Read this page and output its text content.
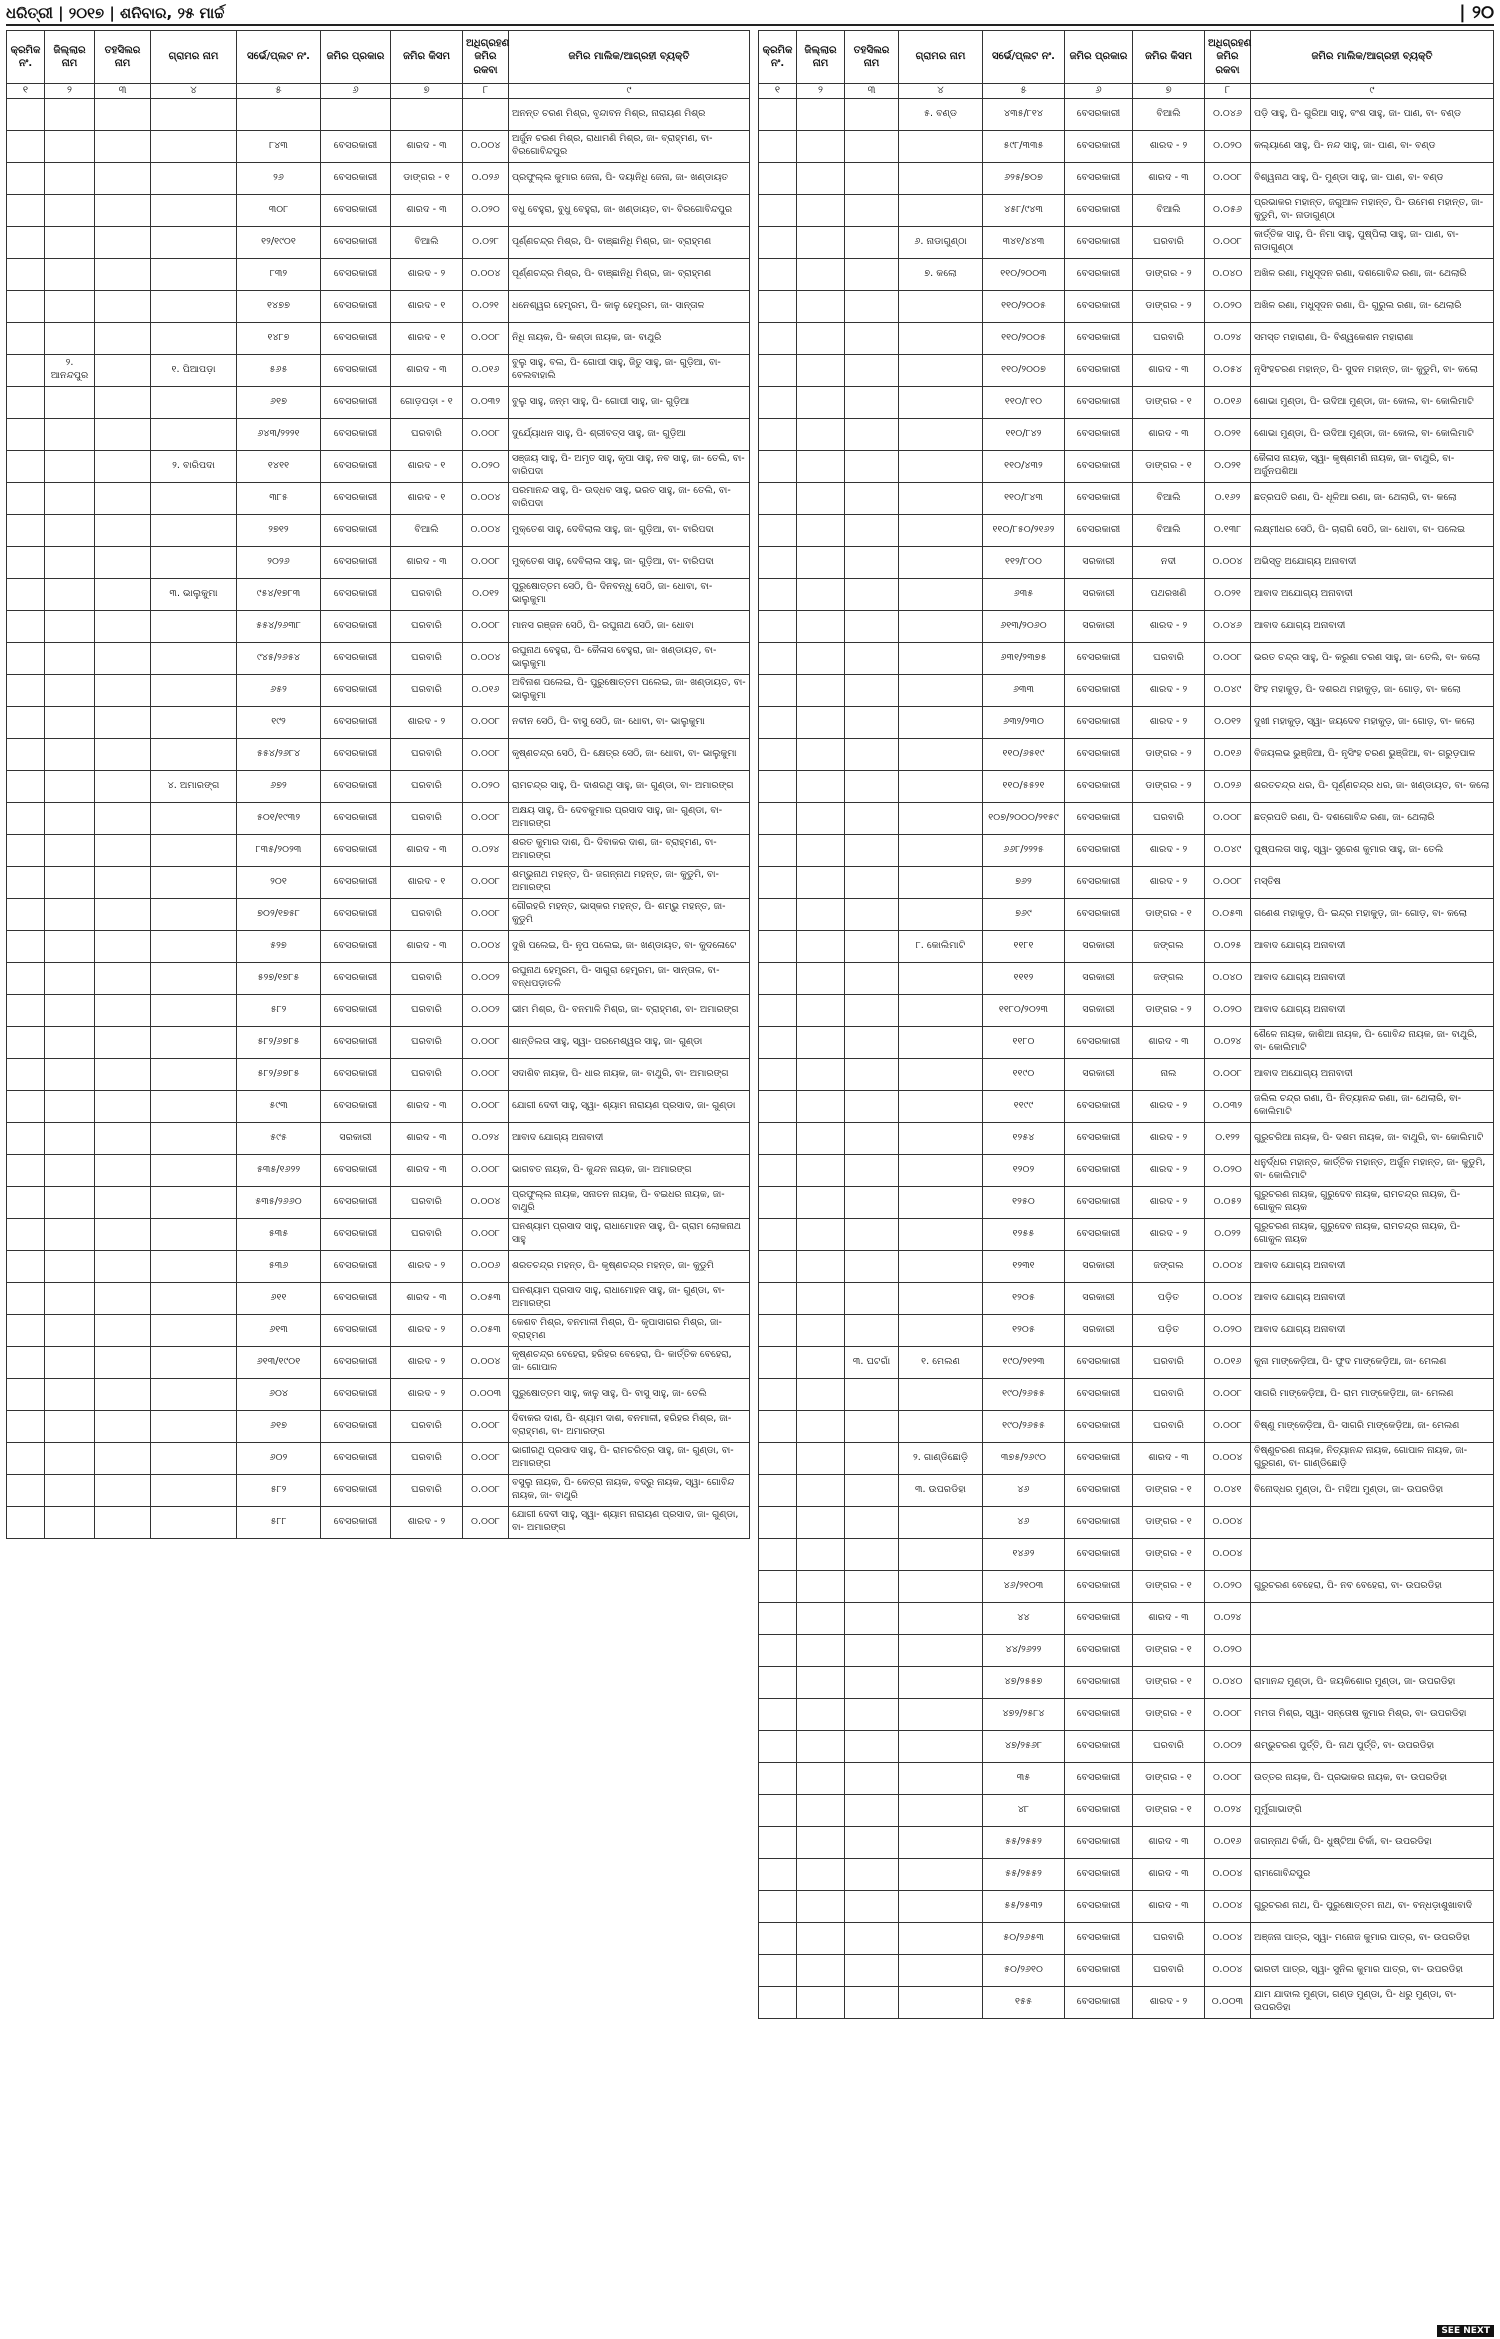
ଧରିତ୍ରୀ | ୨୦୧୭ | ଶନିବାର, ୨୫ ମାର୍ଚ୍ଚ	| ୨୦
କ୍ରମିକ ନଂ.	ଜିଲ୍ଲାର ନାମ	ତହସିଲର ନାମ	ଗ୍ରାମର ନାମ	ସର୍ଭେ/ପ୍ଲଟ ନଂ.	ଜମିର ପ୍ରକାର	ଜମିର କିସମ	ଅଧିଗ୍ରହଣ ଜମିର ରକବା	ଜମିର ମାଲିକ/ଆଗ୍ରହୀ ବ୍ୟକ୍ତି
୧	୨	୩	୪	୫	୬	୭	୮	୯
								ଅନନ୍ତ ଚରଣ ମିଶ୍ର, ବୃନ୍ଦାବନ ମିଶ୍ର, ନାରାୟଣ ମିଶ୍ର
				୮୪୩	ବେସରକାରୀ	ଶାରଦ - ୩	୦.୦୦୪	ଅର୍ଜୁନ ଚରଣ ମିଶ୍ର, ରାଧାମଣି ମିଶ୍ର, ଜା- ବ୍ରାହ୍ମଣ, ବା- ବିରଗୋବିନ୍ଦପୁର
				୨୬	ବେସରକାରୀ	ଡାଙ୍ଗର - ୧	୦.୦୨୬	ପ୍ରଫୁଲ୍ଲ କୁମାର ଜେନା, ପି- ଦୟାନିଧି ଜେନା, ଜା- ଖଣ୍ଡାୟତ
				୩୦୮	ବେସରକାରୀ	ଶାରଦ - ୩	୦.୦୨୦	ବଧୁ ବେହୁରା, ବୁଧୁ ବେହୁରା, ଜା- ଖଣ୍ଡାୟତ, ବା- ବିରଗୋବିନ୍ଦପୁର
				୧୨/୧୯୦୧	ବେସରକାରୀ	ବିଆଲି	୦.୦୨୮	ପୂର୍ଣ୍ଣଚନ୍ଦ୍ର ମିଶ୍ର, ପି- ବାଞ୍ଛାନିଧି ମିଶ୍ର, ଜା- ବ୍ରାହ୍ମଣ
				୮୩୨	ବେସରକାରୀ	ଶାରଦ - ୨	୦.୦୦୪	ପୂର୍ଣ୍ଣଚନ୍ଦ୍ର ମିଶ୍ର, ପି- ବାଞ୍ଛାନିଧି ମିଶ୍ର, ଜା- ବ୍ରାହ୍ମଣ
				୧୪୭୭	ବେସରକାରୀ	ଶାରଦ - ୧	୦.୦୨୧	ଧନେଶ୍ୱର ହେମ୍ବ୍ରମ, ପି- କାଳୁ ହେମ୍ବ୍ରମ, ଜା- ସାନ୍ତାଳ
				୧୪୮୭	ବେସରକାରୀ	ଶାରଦ - ୧	୦.୦୦୮	ନିଧି ନାୟକ, ପି- କଣ୍ଡା ନାୟକ, ଜା- ବାଥୁରି
	୨. ଆନନ୍ଦପୁର		୧. ପିଆପଡ଼ା	୫୬୫	ବେସରକାରୀ	ଶାରଦ - ୩	୦.୦୧୬	ବୁଲୁ ସାହୁ, ବଲ, ପି- ଗୋପୀ ସାହୁ, ଜିତୁ ସାହୁ, ଜା- ଗୁଡ଼ିଆ, ବା- ବେଲବାହାଲି
				୬୧୭	ବେସରକାରୀ	ଗୋଡ଼ପଡ଼ା - ୧	୦.୦୩୨	ବୁଲୁ ସାହୁ, ଜନ୍ମ ସାହୁ, ପି- ଗୋପୀ ସାହୁ, ଜା- ଗୁଡ଼ିଆ
				୬୪୩/୨୨୨୧	ବେସରକାରୀ	ଘରବାରି	୦.୦୦୮	ଦୁର୍ଯ୍ୟୋଧନ ସାହୁ, ପି- ଶ୍ରୀବତ୍ସ ସାହୁ, ଜା- ଗୁଡ଼ିଆ
			୨. ବାରିପଦା	୧୪୧୧	ବେସରକାରୀ	ଶାରଦ - ୧	୦.୦୨୦	ସଞ୍ଜୟ ସାହୁ, ପି- ଅମୃତ ସାହୁ, କୃପା ସାହୁ, ନବ ସାହୁ, ଜା- ତେଲି, ବା- ବାରିପଦା
				୩୮୫	ବେସରକାରୀ	ଶାରଦ - ୧	୦.୦୦୪	ପରମାନନ୍ଦ ସାହୁ, ପି- ଉଦ୍ଧବ ସାହୁ, ଭରତ ସାହୁ, ଜା- ତେଲି, ବା- ବାରିପଦା
				୨୭୧୨	ବେସରକାରୀ	ବିଆଲି	୦.୦୦୪	ମୁକ୍ତେଶ ସାହୁ, ଦେବିଲାଲ ସାହୁ, ଜା- ଗୁଡ଼ିଆ, ବା- ବାରିପଦା
				୨୦୨୬	ବେସରକାରୀ	ଶାରଦ - ୩	୦.୦୦୮	ମୁକ୍ତେଶ ସାହୁ, ଦେବିଲାଲ ସାହୁ, ଜା- ଗୁଡ଼ିଆ, ବା- ବାରିପଦା
			୩. ଭାଲୁକୁମା	୯୫୪/୧୭୮୩	ବେସରକାରୀ	ଘରବାରି	୦.୦୧୨	ପୁରୁଷୋତ୍ତମ ସେଠି, ପି- ଦିନବନ୍ଧୁ ସେଠି, ଜା- ଧୋବା, ବା- ଭାଲୁକୁମା
				୫୫୪/୨୬୩୮	ବେସରକାରୀ	ଘରବାରି	୦.୦୦୮	ମାନସ ରଞ୍ଜନ ସେଠି, ପି- ରଘୁନାଥ ସେଠି, ଜା- ଧୋବା
				୯୪୫/୨୬୫୪	ବେସରକାରୀ	ଘରବାରି	୦.୦୦୪	ରଘୁନାଥ ବେହୁରା, ପି- କୈଳାସ ବେହୁରା, ଜା- ଖଣ୍ଡାୟତ, ବା- ଭାଲୁକୁମା
				୬୫୨	ବେସରକାରୀ	ଘରବାରି	୦.୦୧୬	ଅବିନାଶ ପଲେଇ, ପି- ପୁରୁଷୋତ୍ତମ ପଲେଇ, ଜା- ଖଣ୍ଡାୟତ, ବା- ଭାଲୁକୁମା
				୧୯୨	ବେସରକାରୀ	ଶାରଦ - ୨	୦.୦୦୮	ନବୀନ ସେଠି, ପି- ବାସୁ ସେଠି, ଜା- ଧୋବା, ବା- ଭାଲୁକୁମା
				୫୫୪/୨୬୮୪	ବେସରକାରୀ	ଘରବାରି	୦.୦୦୮	କୃଷ୍ଣଚନ୍ଦ୍ର ସେଠି, ପି- କ୍ଷେତ୍ର ସେଠି, ଜା- ଧୋବା, ବା- ଭାଲୁକୁମା
			୪. ଅମାରଙ୍ଗ	୬୭୨	ବେସରକାରୀ	ଘରବାରି	୦.୦୨୦	ରାମଚନ୍ଦ୍ର ସାହୁ, ପି- ଦାଶରଥି ସାହୁ, ଜା- ଗୁଣ୍ଡା, ବା- ଅମାରଙ୍ଗ
				୫୦୧/୧୯୩୨	ବେସରକାରୀ	ଘରବାରି	୦.୦୦୮	ଅକ୍ଷୟ ସାହୁ, ପି- ଦେବକୁମାର ପ୍ରସାଦ ସାହୁ, ଜା- ଗୁଣ୍ଡା, ବା- ଅମାରଙ୍ଗ
				୮୩୫/୨୦୨୩	ବେସରକାରୀ	ଶାରଦ - ୩	୦.୦୨୪	ଶରତ କୁମାର ଦାଶ, ପି- ଦିବାକର ଦାଶ, ଜା- ବ୍ରାହ୍ମଣ, ବା- ଅମାରଙ୍ଗ
				୨୦୧	ବେସରକାରୀ	ଶାରଦ - ୧	୦.୦୦୮	ଶମ୍ଭୁନାଥ ମହନ୍ତ, ପି- ଜଗନ୍ନାଥ ମହନ୍ତ, ଜା- କୁଡୁମି, ବା- ଅମାରଙ୍ଗ
				୭୦୨/୧୭୫୮	ବେସରକାରୀ	ଘରବାରି	୦.୦୦୮	ଗୌରହରି ମହନ୍ତ, ଭାସ୍କର ମହନ୍ତ, ପି- ଶମ୍ଭୁ ମହନ୍ତ, ଜା- କୁଡୁମି
				୫୨୭	ବେସରକାରୀ	ଶାରଦ - ୩	୦.୦୦୪	ଦୁଖି ପଲେଇ, ପି- ନୃପ ପଲେଇ, ଜା- ଖଣ୍ଡାୟତ, ବା- କୁଦଳୋଟେ
				୫୨୭/୧୭୮୫	ବେସରକାରୀ	ଘରବାରି	୦.୦୦୨	ରଘୁନାଥ ହେମ୍ବ୍ରମ, ପି- ସାଗୁରା ହେମ୍ବ୍ରମ, ଜା- ସାନ୍ତାଳ, ବା- ବନ୍ଧପଡ଼ାତଳି
				୫୮୨	ବେସରକାରୀ	ଘରବାରି	୦.୦୦୨	ଭୀମ ମିଶ୍ର, ପି- ବନମାଳି ମିଶ୍ର, ଜା- ବ୍ରାହ୍ମଣ, ବା- ଅମାରଙ୍ଗ
				୫୮୨/୬୭୮୫	ବେସରକାରୀ	ଘରବାରି	୦.୦୦୮	ଶାନ୍ତିଲତା ସାହୁ, ସ୍ୱା- ପରମେଶ୍ୱର ସାହୁ, ଜା- ଗୁଣ୍ଡା
				୫୮୨/୬୭୮୫	ବେସରକାରୀ	ଘରବାରି	୦.୦୦୮	ସଦାଶିବ ନାୟକ, ପି- ଧାର ନାୟକ, ଜା- ବାଥୁରି, ବା- ଅମାରଙ୍ଗ
				୫୯୩	ବେସରକାରୀ	ଶାରଦ - ୩	୦.୦୦୮	ଯୋଗୀ ଦେବୀ ସାହୁ, ସ୍ୱା- ଶ୍ୟାମ ନାରାୟଣ ପ୍ରସାଦ, ଜା- ଗୁଣ୍ଡା
				୫୯୫	ସରକାରୀ	ଶାରଦ - ୩	୦.୦୨୪	ଆବାଦ ଯୋଗ୍ୟ ଅନାବାଦୀ
				୫୩୫/୧୬୨୨	ବେସରକାରୀ	ଶାରଦ - ୩	୦.୦୦୮	ଭାଗବତ ନାୟକ, ପି- କୁନ୍ଦନ ନାୟକ, ଜା- ଅମାରଙ୍ଗ
				୫୩୫/୨୬୬୦	ବେସରକାରୀ	ଘରବାରି	୦.୦୦୪	ପ୍ରଫୁଲ୍ଲ ନାୟକ, ସନାତନ ନାୟକ, ପି- ବଇଧର ନାୟକ, ଜା- ବାଥୁରି
				୫୩୫	ବେସରକାରୀ	ଘରବାରି	୦.୦୦୮	ଘନଶ୍ୟାମ ପ୍ରସାଦ ସାହୁ, ରାଧାମୋହନ ସାହୁ, ପି- ଗ୍ରାମ ଲୋକନାଥ ସାହୁ
				୫୩୬	ବେସରକାରୀ	ଶାରଦ - ୨	୦.୦୦୬	ଶରତଚନ୍ଦ୍ର ମହନ୍ତ, ପି- କୃଷ୍ଣଚନ୍ଦ୍ର ମହନ୍ତ, ଜା- କୁଡୁମି
				୬୧୧	ବେସରକାରୀ	ଶାରଦ - ୩	୦.୦୫୩	ଘନଶ୍ୟାମ ପ୍ରସାଦ ସାହୁ, ରାଧାମୋହନ ସାହୁ, ଜା- ଗୁଣ୍ଡା, ବା- ଅମାରଙ୍ଗ
				୬୧୩	ବେସରକାରୀ	ଶାରଦ - ୨	୦.୦୫୩	କେଶବ ମିଶ୍ର, ବନମାଳୀ ମିଶ୍ର, ପି- କୃପାସାଗର ମିଶ୍ର, ଜା- ବ୍ରାହ୍ମଣ
				୬୧୩/୧୯୦୧	ବେସରକାରୀ	ଶାରଦ - ୨	୦.୦୦୪	କୃଷ୍ଣଚନ୍ଦ୍ର ବେହେରା, ହରିହର ବେହେରା, ପି- କାର୍ତ୍ତିକ ବେହେରା, ଜା- ଗୋପାଳ
				୬୦୪	ବେସରକାରୀ	ଶାରଦ - ୨	୦.୦୦୩	ପୁରୁଷୋତ୍ତମ ସାହୁ, କାଳୁ ସାହୁ, ପି- ବାସୁ ସାହୁ, ଜା- ତେଲି
				୬୧୭	ବେସରକାରୀ	ଘରବାରି	୦.୦୦୮	ଦିବାକର ଦାଶ, ପି- ଶ୍ୟାମ ଦାଶ, ବନମାଳୀ, ହରିହର ମିଶ୍ର, ଜା- ବ୍ରାହ୍ମଣ, ବା- ଅମାରଙ୍ଗ
				୬୦୨	ବେସରକାରୀ	ଘରବାରି	୦.୦୦୮	ଭାଗୀରଥି ପ୍ରସାଦ ସାହୁ, ପି- ରାମଚରିତ୍ର ସାହୁ, ଜା- ଗୁଣ୍ଡା, ବା- ଅମାରଙ୍ଗ
				୫୮୨	ବେସରକାରୀ	ଘରବାରି	୦.୦୦୮	ବସୁଲୁ ନାୟକ, ପି- କେତ୍ରା ନାୟକ, ବଦ୍ରୁ ନାୟକ, ସ୍ୱା- ଗୋବିନ୍ଦ ନାୟକ, ଜା- ବାଥୁରି
				୫୮୮	ବେସରକାରୀ	ଶାରଦ - ୨	୦.୦୦୮	ଯୋଗୀ ଦେବୀ ସାହୁ, ସ୍ୱା- ଶ୍ୟାମ ନାରାୟଣ ପ୍ରସାଦ, ଜା- ଗୁଣ୍ଡା, ବା- ଅମାରଙ୍ଗ
କ୍ରମିକ ନଂ.	ଜିଲ୍ଲାର ନାମ	ତହସିଲର ନାମ	ଗ୍ରାମର ନାମ	ସର୍ଭେ/ପ୍ଲଟ ନଂ.	ଜମିର ପ୍ରକାର	ଜମିର କିସମ	ଅଧିଗ୍ରହଣ ଜମିର ରକବା	ଜମିର ମାଲିକ/ଆଗ୍ରହୀ ବ୍ୟକ୍ତି
୧	୨	୩	୪	୫	୬	୭	୮	୯
			୫. ବଣ୍ଡ	୪୩୫/୮୧୪	ବେସରକାରୀ	ବିଆଲି	୦.୦୪୬	ପଡ଼ି ସାହୁ, ପି- ଗୁରିଆ ସାହୁ, ବଂଶ ସାହୁ, ଜା- ପାଣ, ବା- ବଣ୍ଡ
				୫୯୮/୩୩୫	ବେସରକାରୀ	ଶାରଦ - ୨	୦.୦୨୦	କଲ୍ୟାଣେ ସାହୁ, ପି- ନନ୍ଦ ସାହୁ, ଜା- ପାଣ, ବା- ବଣ୍ଡ
				୬୨୫/୭୦୭	ବେସରକାରୀ	ଶାରଦ - ୩	୦.୦୦୮	ବିଶ୍ୱନାଥ ସାହୁ, ପି- ମୁଣ୍ଡା ସାହୁ, ଜା- ପାଣ, ବା- ବଣ୍ଡ
				୪୫୮/୯୪୩	ବେସରକାରୀ	ବିଆଲି	୦.୦୫୬	ପ୍ରଭାକର ମହାନ୍ତ, ଜଗୁଆଳ ମହାନ୍ତ, ପି- ଉମେଶ ମହାନ୍ତ, ଜା- କୁଡୁମି, ବା- ନାଡାଗୁଣ୍ଠା
			୬. ନାଡାଗୁଣ୍ଠା	୩୪୧/୪୪୩	ବେସରକାରୀ	ଘରବାରି	୦.୦୦୮	କାର୍ତ୍ତିକ ସାହୁ, ପି- ନିମା ସାହୁ, ପୁଷ୍ପିଲା ସାହୁ, ଜା- ପାଣ, ବା- ନାଡାଗୁଣ୍ଠା
			୭. କଲୋ	୧୧୦/୨୦୦୩	ବେସରକାରୀ	ଡାଙ୍ଗର - ୨	୦.୦୪୦	ଅଖିଳ ରଣା, ମଧୁସୂଦନ ରଣା, ଦଶଗୋବିନ୍ଦ ରଣା, ଜା- ଥେଲାରି
				୧୧୦/୨୦୦୫	ବେସରକାରୀ	ଡାଙ୍ଗର - ୨	୦.୦୨୦	ଅଖିଳ ରଣା, ମଧୁସୂଦନ ରଣା, ପି- ଗୁରୁଲ ରଣା, ଜା- ଥେଲାରି
				୧୧୦/୨୦୦୫	ବେସରକାରୀ	ଘରବାରି	୦.୦୨୪	ସମସ୍ତ ମହାରାଣା, ପି- ବିଶ୍ୱକେଶନ ମହାରାଣା
				୧୧୦/୨୦୦୭	ବେସରକାରୀ	ଶାରଦ - ୩	୦.୦୫୪	ନୃସିଂହଚରଣ ମହାନ୍ତ, ପି- ସୁଦନ ମହାନ୍ତ, ଜା- କୁଡୁମି, ବା- କଲୋ
				୧୧୦/୮୧୦	ବେସରକାରୀ	ଡାଙ୍ଗର - ୧	୦.୦୧୬	ଶୋଭା ମୁଣ୍ଡା, ପି- ଉଦିଆ ମୁଣ୍ଡା, ଜା- କୋଲ, ବା- କୋଲିମାଟି
				୧୧୦/୮୪୨	ବେସରକାରୀ	ଶାରଦ - ୩	୦.୦୨୧	ଶୋଭା ମୁଣ୍ଡା, ପି- ଉଦିଆ ମୁଣ୍ଡା, ଜା- କୋଲ, ବା- କୋଲିମାଟି
				୧୧୦/୪୩୨	ବେସରକାରୀ	ଡାଙ୍ଗର - ୧	୦.୦୨୧	କୈଳାସ ନାୟକ, ସ୍ୱା- କୃଷ୍ଣମଣି ନାୟକ, ଜା- ବାଥୁରି, ବା- ଅର୍ଜୁନପଶିଆ
				୧୧୦/୮୪୩	ବେସରକାରୀ	ବିଆଲି	୦.୧୬୨	ଛତ୍ରପତି ରଣା, ପି- ଧୂଳିଆ ରଣା, ଜା- ଥେଲାରି, ବା- କଲୋ
				୧୧୦/୮୫୦/୨୧୬୨	ବେସରକାରୀ	ବିଆଲି	୦.୧୩୮	ଲକ୍ଷ୍ମୀଧର ସେଠି, ପି- ଚାରାଗି ସେଠି, ଜା- ଧୋବା, ବା- ପଲେଇ
				୧୧୨/୮୦୦	ସରକାରୀ	ନଦୀ	୦.୦୦୪	ଅଭିସ୍ତୃ ଅଯୋଗ୍ୟ ଅନାବାଦୀ
				୬୩୫	ସରକାରୀ	ପଥରଖଣି	୦.୦୨୧	ଆବାଦ ଅଯୋଗ୍ୟ ଅନାବାଦୀ
				୬୧୩/୨୦୬୦	ସରକାରୀ	ଶାରଦ - ୨	୦.୦୪୬	ଆବାଦ ଯୋଗ୍ୟ ଅନାବାଦୀ
				୬୩୧/୨୩୭୫	ବେସରକାରୀ	ଘରବାରି	୦.୦୦୮	ଭରତ ଚନ୍ଦ୍ର ସାହୁ, ପି- କରୁଣା ଚରଣ ସାହୁ, ଜା- ତେଲି, ବା- କଲୋ
				୬୩୩	ବେସରକାରୀ	ଶାରଦ - ୨	୦.୦୪୯	ସିଂହ ମହାକୁଡ଼, ପି- ଦଶରଥ ମହାକୁଡ଼, ଜା- ଗୋଡ଼, ବା- କଲୋ
				୬୩୨/୨୩୦	ବେସରକାରୀ	ଶାରଦ - ୨	୦.୦୧୨	ଦୁଖୀ ମହାକୁଡ଼, ସ୍ୱା- ଜୟଦେବ ମହାକୁଡ଼, ଜା- ଗୋଡ଼, ବା- କଲୋ
				୧୧୦/୬୫୧୯	ବେସରକାରୀ	ଡାଙ୍ଗର - ୨	୦.୦୧୬	ବିଜୟଲଭ ଭୁଞ୍ଜିଆ, ପି- ନୃସିଂହ ଚରଣ ଭୁଞ୍ଜିଆ, ବା- ଗରୁଡ଼ପାଳ
				୧୧୦/୫୫୨୧	ବେସରକାରୀ	ଡାଙ୍ଗର - ୨	୦.୦୨୬	ଶରତଚନ୍ଦ୍ର ଧର, ପି- ପୂର୍ଣ୍ଣଚନ୍ଦ୍ର ଧର, ଜା- ଖଣ୍ଡାୟତ, ବା- କଲୋ
				୧୦୭/୨୦୦୦/୨୧୫୯	ବେସରକାରୀ	ଘରବାରି	୦.୦୦୮	ଛତ୍ରପତି ରଣା, ପି- ଦଶଗୋବିନ୍ଦ ରଣା, ଜା- ଥେଲାରି
				୬୬୮/୨୨୨୫	ବେସରକାରୀ	ଶାରଦ - ୨	୦.୦୪୯	ପୁଷ୍ପଲତା ସାହୁ, ସ୍ୱା- ସୁରେଶ କୁମାର ସାହୁ, ଜା- ତେଲି
				୭୬୨	ବେସରକାରୀ	ଶାରଦ - ୨	୦.୦୦୮	ମସ୍ତିଷ
				୭୬୯	ବେସରକାରୀ	ଡାଙ୍ଗର - ୧	୦.୦୫୩	ଗଣେଶ ମହାକୁଡ଼, ପି- ଇନ୍ଦ୍ର ମହାକୁଡ଼, ଜା- ଗୋଡ଼, ବା- କଲୋ
			୮. କୋଲିମାଟି	୧୧୮୧	ସରକାରୀ	ଜଙ୍ଗଲ	୦.୦୨୫	ଆବାଦ ଯୋଗ୍ୟ ଅନାବାଦୀ
				୧୧୧୨	ସରକାରୀ	ଜଙ୍ଗଲ	୦.୦୪୦	ଆବାଦ ଯୋଗ୍ୟ ଅନାବାଦୀ
				୧୧୮୦/୨୦୨୩	ସରକାରୀ	ଡାଙ୍ଗର - ୨	୦.୦୨୦	ଆବାଦ ଯୋଗ୍ୟ ଅନାବାଦୀ
				୧୧୮୦	ବେସରକାରୀ	ଶାରଦ - ୩	୦.୦୨୪	ଶୈଳେ ନାୟକ, କାଶିଆ ନାୟକ, ପି- ଗୋବିନ୍ଦ ନାୟକ, ଜା- ବାଥୁରି, ବା- କୋଲିମାଟି
				୧୧୯୦	ସରକାରୀ	ନାଲ	୦.୦୦୮	ଆବାଦ ଅଯୋଗ୍ୟ ଅନାବାଦୀ
				୧୧୯୯	ବେସରକାରୀ	ଶାରଦ - ୨	୦.୦୩୨	ଜଲିଲ ଚନ୍ଦ୍ର ରଣା, ପି- ନିତ୍ୟାନନ୍ଦ ରଣା, ଜା- ଥେଲାରି, ବା- କୋଲିମାଟି
				୧୨୫୪	ବେସରକାରୀ	ଶାରଦ - ୨	୦.୧୨୨	ଗୁରୁଚରିଆ ନାୟକ, ପି- ଦଶମ ନାୟକ, ଜା- ବାଥୁରି, ବା- କୋଲିମାଟି
				୧୨୦୨	ବେସରକାରୀ	ଶାରଦ - ୨	୦.୦୨୦	ଧନୁର୍ଦ୍ଧର ମହାନ୍ତ, କାର୍ତ୍ତିକ ମହାନ୍ତ, ଅର୍ଜୁନ ମହାନ୍ତ, ଜା- କୁଡୁମି, ବା- କୋଲିମାଟି
				୧୨୫୦	ବେସରକାରୀ	ଶାରଦ - ୨	୦.୦୫୨	ଗୁରୁଚରଣ ନାୟକ, ଗୁରୁଦେବ ନାୟକ, ରାମଚନ୍ଦ୍ର ନାୟକ, ପି- ଗୋକୁଳ ନାୟକ
				୧୨୫୫	ବେସରକାରୀ	ଶାରଦ - ୨	୦.୦୨୨	ଗୁରୁଚରଣ ନାୟକ, ଗୁରୁଦେବ ନାୟକ, ରାମଚନ୍ଦ୍ର ନାୟକ, ପି- ଗୋକୁଳ ନାୟକ
				୧୨୩୧	ସରକାରୀ	ଜଙ୍ଗଲ	୦.୦୦୪	ଆବାଦ ଯୋଗ୍ୟ ଅନାବାଦୀ
				୧୨୦୫	ସରକାରୀ	ପଡ଼ିତ	୦.୦୦୪	ଆବାଦ ଯୋଗ୍ୟ ଅନାବାଦୀ
				୧୨୦୫	ସରକାରୀ	ପଡ଼ିତ	୦.୦୨୦	ଆବାଦ ଯୋଗ୍ୟ ଅନାବାଦୀ
		୩. ଘଟଗାଁ	୧. ମେଲଣ	୧୯୦/୨୧୨୩	ବେସରକାରୀ	ଘରବାରି	୦.୦୧୬	କୁନା ମାଙ୍କେଡ଼ିଆ, ପି- ଫୁଦ ମାଙ୍କେଡ଼ିଆ, ଜା- ମେଲଣ
				୧୯୦/୨୬୫୫	ବେସରକାରୀ	ଘରବାରି	୦.୦୦୮	ସାଗରି ମାଙ୍କେଡ଼ିଆ, ପି- ରାମ ମାଙ୍କେଡ଼ିଆ, ଜା- ମେଲଣ
				୧୯୦/୨୬୫୫	ବେସରକାରୀ	ଘରବାରି	୦.୦୦୮	ବିଷ୍ଣୁ ମାଙ୍କେଡ଼ିଆ, ପି- ସାଗରି ମାଙ୍କେଡ଼ିଆ, ଜା- ମେଲଣ
			୨. ଗାଣ୍ଡିଛୋଡ଼ି	୩୭୫/୨୬୯୦	ବେସରକାରୀ	ଶାରଦ - ୩	୦.୦୦୪	ବିଷ୍ଣୁଚରଣ ନାୟକ, ନିତ୍ୟାନନ୍ଦ ନାୟକ, ଗୋପାଳ ନାୟକ, ଜା- ଗୁରୁଗଣ, ବା- ଗାଣ୍ଡିଛୋଡ଼ି
			୩. ଉପରଡିହା	୪୬	ବେସରକାରୀ	ଡାଙ୍ଗର - ୧	୦.୦୪୧	ବିନୋଦ୍ଧର ମୁଣ୍ଡା, ପି- ମହିଆ ମୁଣ୍ଡା, ଜା- ଉପରଡିହା
				୪୬	ବେସରକାରୀ	ଡାଙ୍ଗର - ୧	୦.୦୦୪	
				୧୪୬୨	ବେସରକାରୀ	ଡାଙ୍ଗର - ୧	୦.୦୦୪	
				୪୬/୨୧୦୩	ବେସରକାରୀ	ଡାଙ୍ଗର - ୧	୦.୦୨୦	ଗୁରୁଚରଣ ବେହେରା, ପି- ନବ ବେହେରା, ବା- ଉପରଡିହା
				୪୪	ବେସରକାରୀ	ଶାରଦ - ୩	୦.୦୨୪	
				୪୪/୨୬୨୨	ବେସରକାରୀ	ଡାଙ୍ଗର - ୧	୦.୦୨୦	
				୪୭/୨୫୫୭	ବେସରକାରୀ	ଡାଙ୍ଗର - ୧	୦.୦୪୦	ରାମାନନ୍ଦ ମୁଣ୍ଡା, ପି- ଜୟକିଶୋର ମୁଣ୍ଡା, ଜା- ଉପରଡିହା
				୪୭୨/୨୫୮୪	ବେସରକାରୀ	ଡାଙ୍ଗର - ୧	୦.୦୦୮	ମମତା ମିଶ୍ର, ସ୍ୱା- ସନ୍ତୋଷ କୁମାର ମିଶ୍ର, ବା- ଉପରଡିହା
				୪୭/୨୫୬୮	ବେସରକାରୀ	ଘରବାରି	୦.୦୦୨	ଶମ୍ଭୁଚରଣ ପୁର୍ତ୍ତି, ପି- ନାଥ ପୁର୍ତ୍ତି, ବା- ଉପରଡିହା
				୩୫	ବେସରକାରୀ	ଡାଙ୍ଗର - ୧	୦.୦୦୮	ଉତ୍ତର ନାୟକ, ପି- ପ୍ରଭାକର ନାୟକ, ବା- ଉପରଡିହା
				୪୮	ବେସରକାରୀ	ଡାଙ୍ଗର - ୧	୦.୦୨୪	ମୁର୍ମୁଗାଭାଙ୍ଗି
				୫୫/୨୫୫୨	ବେସରକାରୀ	ଶାରଦ - ୩	୦.୦୧୬	ଜଗନ୍ନାଥ ଚିର୍କା, ପି- ଧୁଷ୍ଟିଆ ଚିର୍କା, ବା- ଉପରଡିହା
				୫୫/୨୫୫୨	ବେସରକାରୀ	ଶାରଦ - ୩	୦.୦୦୪	ରାମଗୋବିନ୍ଦପୁର
				୫୫/୨୫୩୨	ବେସରକାରୀ	ଶାରଦ - ୩	୦.୦୦୪	ଗୁରୁଚରଣ ନାଥ, ପି- ପୁରୁଷୋତ୍ତମ ନାଥ, ବା- ବନ୍ଧଡ଼ାଶୁଖାବାଦି
				୫୦/୨୬୫୩	ବେସରକାରୀ	ଘରବାରି	୦.୦୦୪	ଅଞ୍ଜନା ପାତ୍ର, ସ୍ୱା- ମନୋଜ କୁମାର ପାତ୍ର, ବା- ଉପରଡିହା
				୫୦/୨୬୧୦	ବେସରକାରୀ	ଘରବାରି	୦.୦୦୪	ଭାରତୀ ପାତ୍ର, ସ୍ୱା- ସୁନିଲ କୁମାର ପାତ୍ର, ବା- ଉପରଡିହା
				୧୫୫	ବେସରକାରୀ	ଶାରଦ - ୨	୦.୦୦୩	ଯାମ ଯାଦାଲ ମୁଣ୍ଡା, ଗଣ୍ଡ ମୁଣ୍ଡା, ପି- ଧରୁ ମୁଣ୍ଡା, ବା- ଉପରଡିହା
SEE NEXT
